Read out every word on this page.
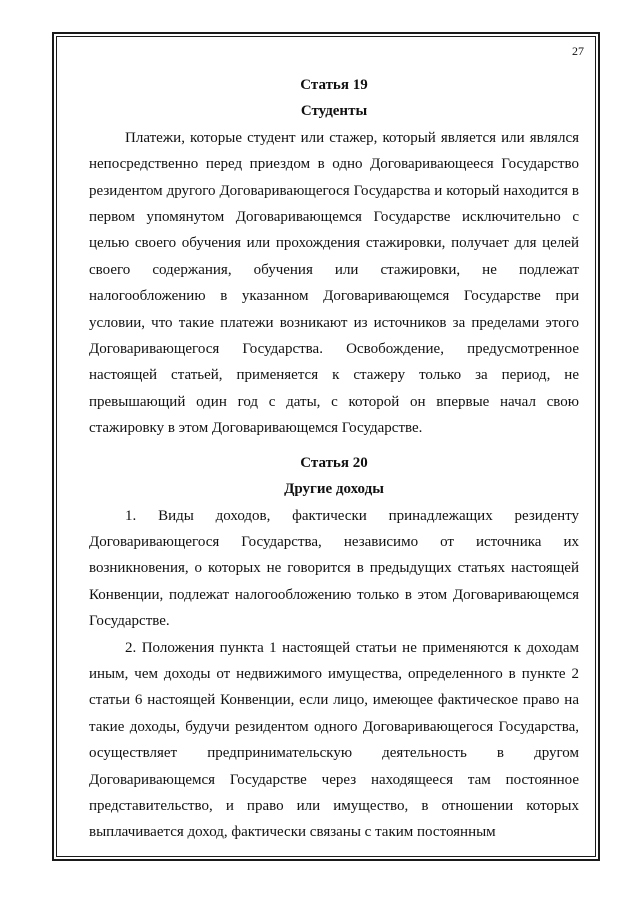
27

Статья 19

Студенты

Платежи, которые студент или стажер, который является или являлся непосредственно перед приездом в одно Договаривающееся Государство резидентом другого Договаривающегося Государства и который находится в первом упомянутом Договаривающемся Государстве исключительно с целью своего обучения или прохождения стажировки, получает для целей своего содержания, обучения или стажировки, не подлежат налогообложению в указанном Договаривающемся Государстве при условии, что такие платежи возникают из источников за пределами этого Договаривающегося Государства. Освобождение, предусмотренное настоящей статьей, применяется к стажеру только за период, не превышающий один год с даты, с которой он впервые начал свою стажировку в этом Договаривающемся Государстве.

Статья 20

Другие доходы

1. Виды доходов, фактически принадлежащих резиденту Договаривающегося Государства, независимо от источника их возникновения, о которых не говорится в предыдущих статьях настоящей Конвенции, подлежат налогообложению только в этом Договаривающемся Государстве.

2. Положения пункта 1 настоящей статьи не применяются к доходам иным, чем доходы от недвижимого имущества, определенного в пункте 2 статьи 6 настоящей Конвенции, если лицо, имеющее фактическое право на такие доходы, будучи резидентом одного Договаривающегося Государства, осуществляет предпринимательскую деятельность в другом Договаривающемся Государстве через находящееся там постоянное представительство, и право или имущество, в отношении которых выплачивается доход, фактически связаны с таким постоянным
